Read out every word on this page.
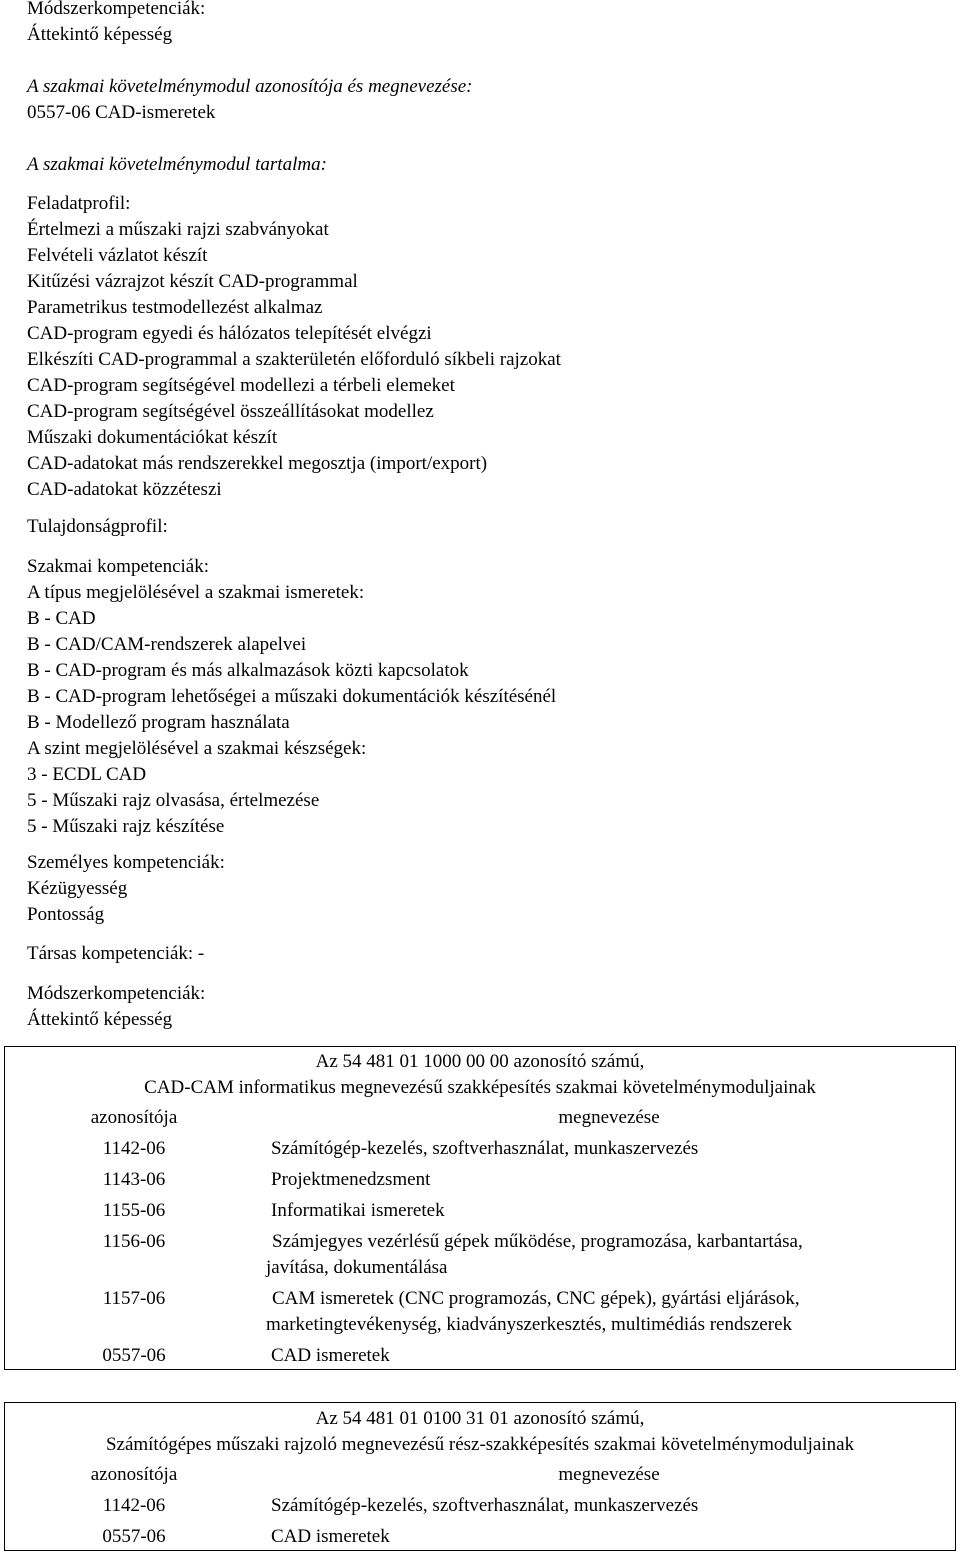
Módszerkompetenciák:
Áttekintő képesség
A szakmai követelménymodul azonosítója és megnevezése:
0557-06 CAD-ismeretek
A szakmai követelménymodul tartalma:
Feladatprofil:
Értelmezi a műszaki rajzi szabványokat
Felvételi vázlatot készít
Kitűzési vázrajzot készít CAD-programmal
Parametrikus testmodellezést alkalmaz
CAD-program egyedi és hálózatos telepítését elvégzi
Elkészíti CAD-programmal a szakterületén előforduló síkbeli rajzokat
CAD-program segítségével modellezi a térbeli elemeket
CAD-program segítségével összeállításokat modellez
Műszaki dokumentációkat készít
CAD-adatokat más rendszerekkel megosztja (import/export)
CAD-adatokat közzéteszi
Tulajdonságprofil:
Szakmai kompetenciák:
A típus megjelölésével a szakmai ismeretek:
B - CAD
B - CAD/CAM-rendszerek alapelvei
B - CAD-program és más alkalmazások közti kapcsolatok
B - CAD-program lehetőségei a műszaki dokumentációk készítésénél
B - Modellező program használata
A szint megjelölésével a szakmai készségek:
3 - ECDL CAD
5 - Műszaki rajz olvasása, értelmezése
5 - Műszaki rajz készítése
Személyes kompetenciák:
Kézügyesség
Pontosság
Társas kompetenciák: -
Módszerkompetenciák:
Áttekintő képesség
Az 54 481 01 1000 00 00 azonosító számú,
CAD-CAM informatikus megnevezésű szakképesítés szakmai követelménymoduljainak	

azonosítója	megnevezése
1142-06	Számítógép-kezelés, szoftverhasználat, munkaszervezés
1143-06	Projektmenedzsment
1155-06	Informatikai ismeretek
1156-06	Számjegyes vezérlésű gépek működése, programozása, karbantartása,
javítása, dokumentálása
1157-06	CAM ismeretek (CNC programozás, CNC gépek), gyártási eljárások,
marketingtevékenység, kiadványszerkesztés, multimédiás rendszerek
0557-06	CAD ismeretek
Az 54 481 01 0100 31 01 azonosító számú,
Számítógépes műszaki rajzoló megnevezésű rész-szakképesítés szakmai követelménymoduljainak	

azonosítója	megnevezése
1142-06	Számítógép-kezelés, szoftverhasználat, munkaszervezés
0557-06	CAD ismeretek
